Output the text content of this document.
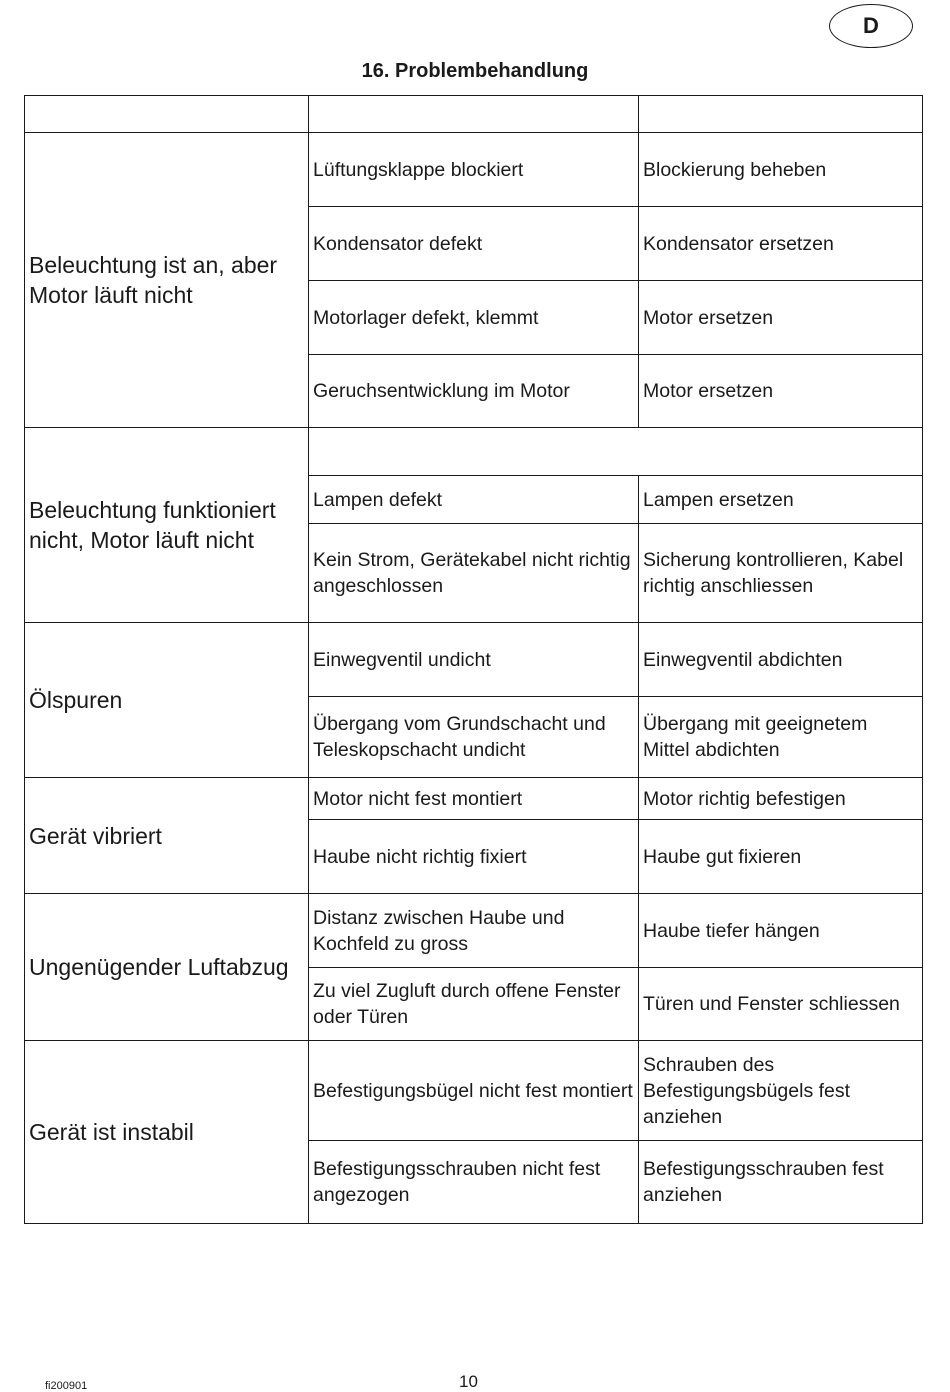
D
16. Problembehandlung

Beleuchtung ist an, aber Motor läuft nicht	Lüftungsklappe blockiert	Blockierung beheben
	Kondensator defekt	Kondensator ersetzen
	Motorlager defekt, klemmt	Motor ersetzen
	Geruchsentwicklung im Motor	Motor ersetzen
Beleuchtung funktioniert nicht, Motor läuft nicht		
	Lampen defekt	Lampen ersetzen
	Kein Strom, Gerätekabel nicht richtig angeschlossen	Sicherung kontrollieren, Kabel richtig anschliessen
Ölspuren	Einwegventil undicht	Einwegventil abdichten
	Übergang vom Grundschacht und Teleskopschacht undicht	Übergang mit geeignetem Mittel abdichten
Gerät vibriert	Motor nicht fest montiert	Motor richtig befestigen
	Haube nicht richtig fixiert	Haube gut fixieren
Ungenügender Luftabzug	Distanz zwischen Haube und Kochfeld zu gross	Haube tiefer hängen
	Zu viel Zugluft durch offene Fenster oder Türen	Türen und Fenster schliessen
Gerät ist instabil	Befestigungsbügel nicht fest montiert	Schrauben des Befestigungsbügels fest anziehen
	Befestigungsschrauben nicht fest angezogen	Befestigungsschrauben fest anziehen
fi200901	10
